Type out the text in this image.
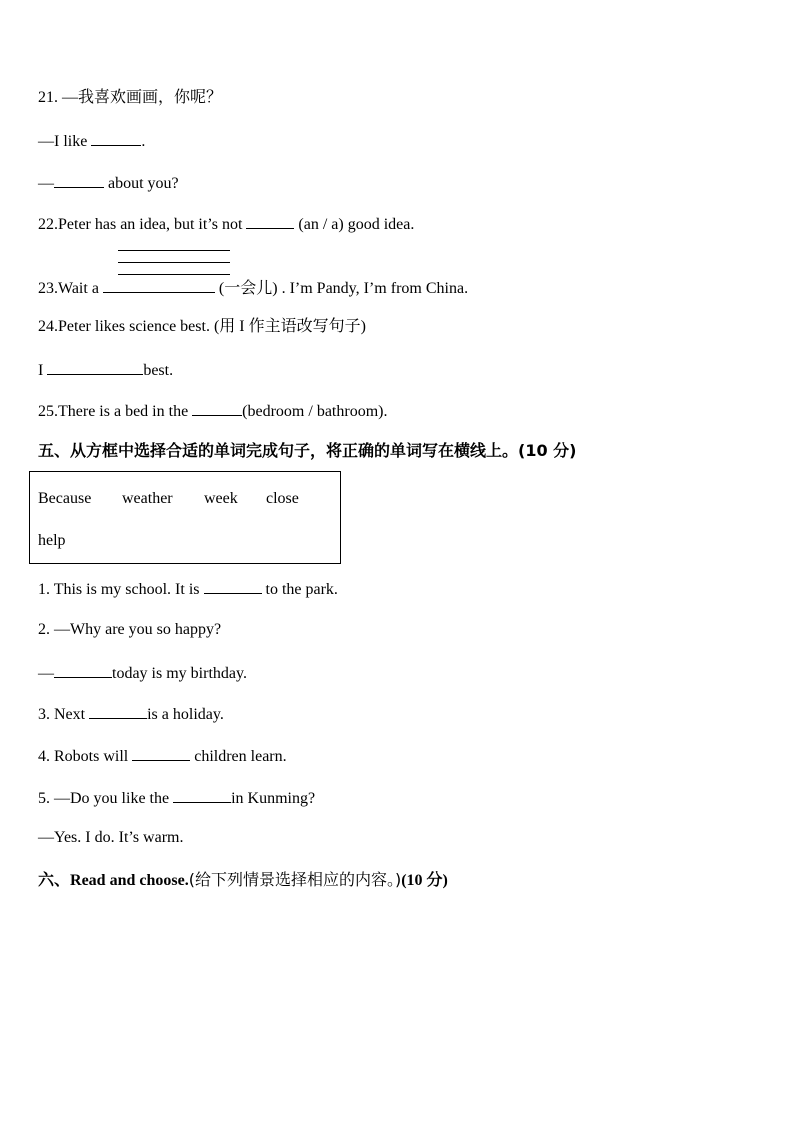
21. —我喜欢画画，你呢？
—I like	.
—	about you?
22.Peter has an idea, but it’s not	(an / a) good idea.
23.Wait a	(一会儿) . I’m Pandy, I’m from China.
24.Peter likes science best. (用 I 作主语改写句子)
I	best.
25.There is a bed in the	(bedroom / bathroom).
五、从方框中选择合适的单词完成句子，将正确的单词写在横线上。(10 分)
Because weather week close
help
1. This is my school. It is	to the park.
2. —Why are you so happy?
—	today is my birthday.
3. Next	is a holiday.
4. Robots will	children learn.
5. —Do you like the	in Kunming?
—Yes. I do. It’s warm.
六、Read and choose.(给下列情景选择相应的内容。)(10 分)
